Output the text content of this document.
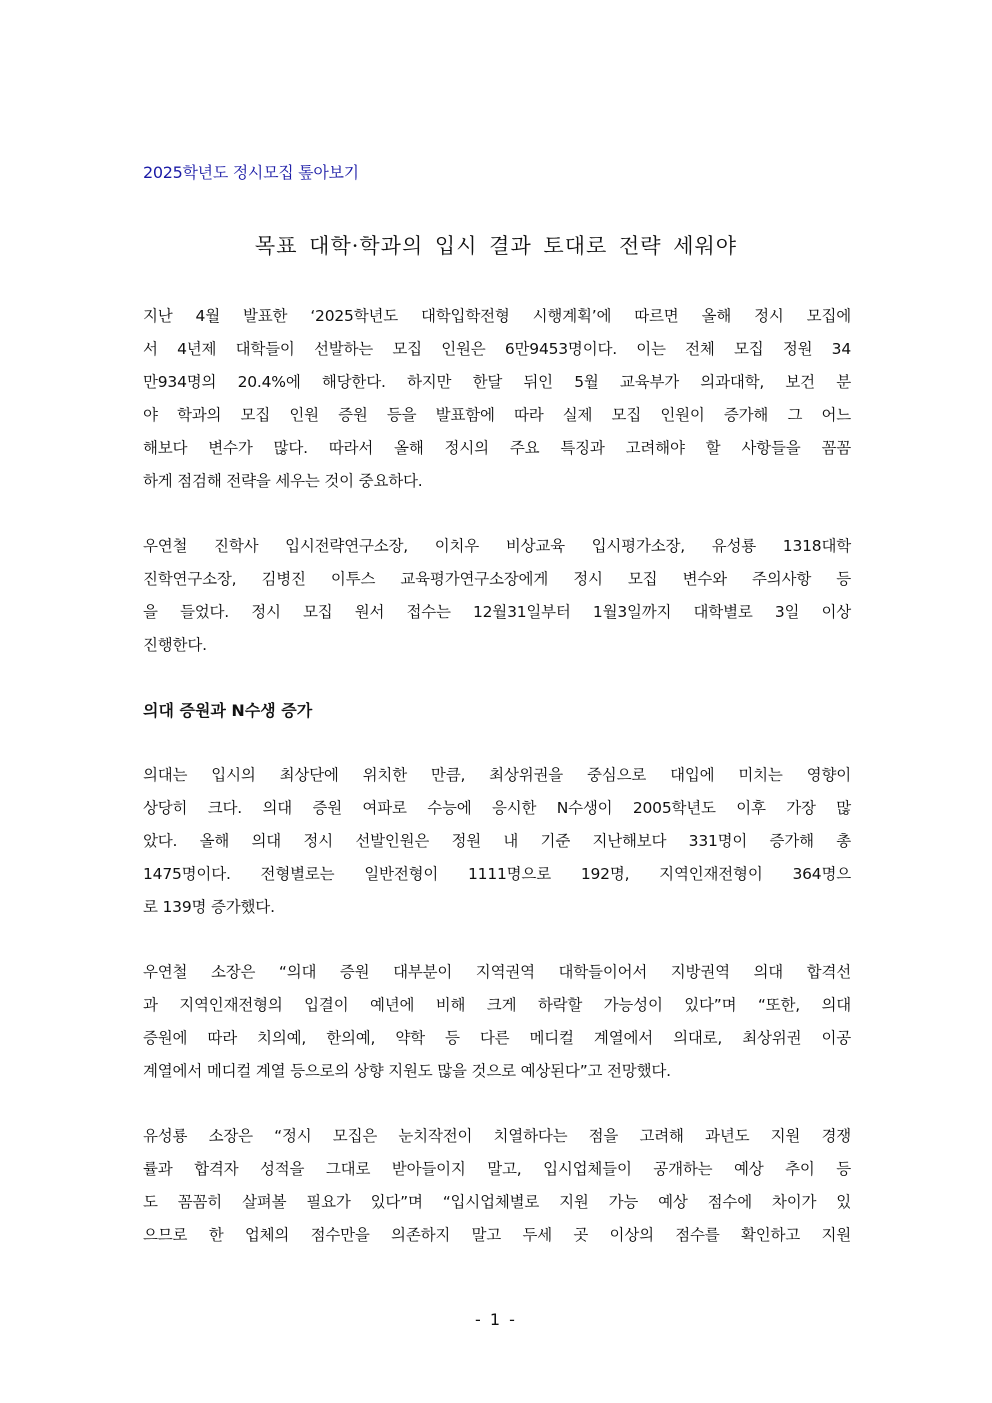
2025학년도 정시모집 톺아보기
목표 대학·학과의 입시 결과 토대로 전략 세워야
지난 4월 발표한 ‘2025학년도 대학입학전형 시행계획’에 따르면 올해 정시 모집에
서 4년제 대학들이 선발하는 모집 인원은 6만9453명이다. 이는 전체 모집 정원 34
만934명의 20.4%에 해당한다. 하지만 한달 뒤인 5월 교육부가 의과대학, 보건 분
야 학과의 모집 인원 증원 등을 발표함에 따라 실제 모집 인원이 증가해 그 어느
해보다 변수가 많다. 따라서 올해 정시의 주요 특징과 고려해야 할 사항들을 꼼꼼
하게 점검해 전략을 세우는 것이 중요하다.
우연철 진학사 입시전략연구소장, 이치우 비상교육 입시평가소장, 유성룡 1318대학
진학연구소장, 김병진 이투스 교육평가연구소장에게 정시 모집 변수와 주의사항 등
을 들었다. 정시 모집 원서 접수는 12월31일부터 1월3일까지 대학별로 3일 이상
진행한다.
의대 증원과 N수생 증가
의대는 입시의 최상단에 위치한 만큼, 최상위권을 중심으로 대입에 미치는 영향이
상당히 크다. 의대 증원 여파로 수능에 응시한 N수생이 2005학년도 이후 가장 많
았다. 올해 의대 정시 선발인원은 정원 내 기준 지난해보다 331명이 증가해 총
1475명이다. 전형별로는 일반전형이 1111명으로 192명, 지역인재전형이 364명으
로 139명 증가했다.
우연철 소장은 “의대 증원 대부분이 지역권역 대학들이어서 지방권역 의대 합격선
과 지역인재전형의 입결이 예년에 비해 크게 하락할 가능성이 있다”며 “또한, 의대
증원에 따라 치의예, 한의예, 약학 등 다른 메디컬 계열에서 의대로, 최상위권 이공
계열에서 메디컬 계열 등으로의 상향 지원도 많을 것으로 예상된다”고 전망했다.
유성룡 소장은 “정시 모집은 눈치작전이 치열하다는 점을 고려해 과년도 지원 경쟁
률과 합격자 성적을 그대로 받아들이지 말고, 입시업체들이 공개하는 예상 추이 등
도 꼼꼼히 살펴볼 필요가 있다”며 “입시업체별로 지원 가능 예상 점수에 차이가 있
으므로 한 업체의 점수만을 의존하지 말고 두세 곳 이상의 점수를 확인하고 지원
- 1 -
